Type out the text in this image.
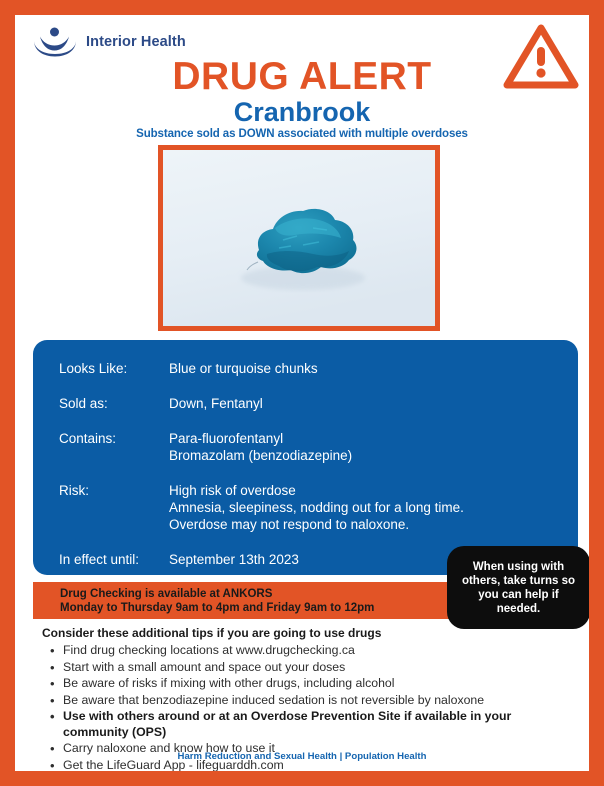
Interior Health
DRUG ALERT
Cranbrook
Substance sold as DOWN associated with multiple overdoses
Looks Like:	Blue or turquoise chunks
Sold as:	Down, Fentanyl
Contains:	Para-fluorofentanyl
Bromazolam (benzodiazepine)
Risk:	High risk of overdose
Amnesia, sleepiness, nodding out for a long time.
Overdose may not respond to naloxone.
In effect until:	September 13th 2023	When using with others, take turns so you can help if needed.
Drug Checking is available at ANKORS
Monday to Thursday 9am to 4pm and Friday 9am to 12pm
Consider these additional tips if you are going to use drugs
• Find drug checking locations at www.drugchecking.ca
• Start with a small amount and space out your doses
• Be aware of risks if mixing with other drugs, including alcohol
• Be aware that benzodiazepine induced sedation is not reversible by naloxone
• Use with others around or at an Overdose Prevention Site if available in your community (OPS)
• Carry naloxone and know how to use it
• Get the LifeGuard App - lifeguarddh.com
• Call 211 or visit bc211.ca to find services near you
Harm Reduction and Sexual Health | Population Health
